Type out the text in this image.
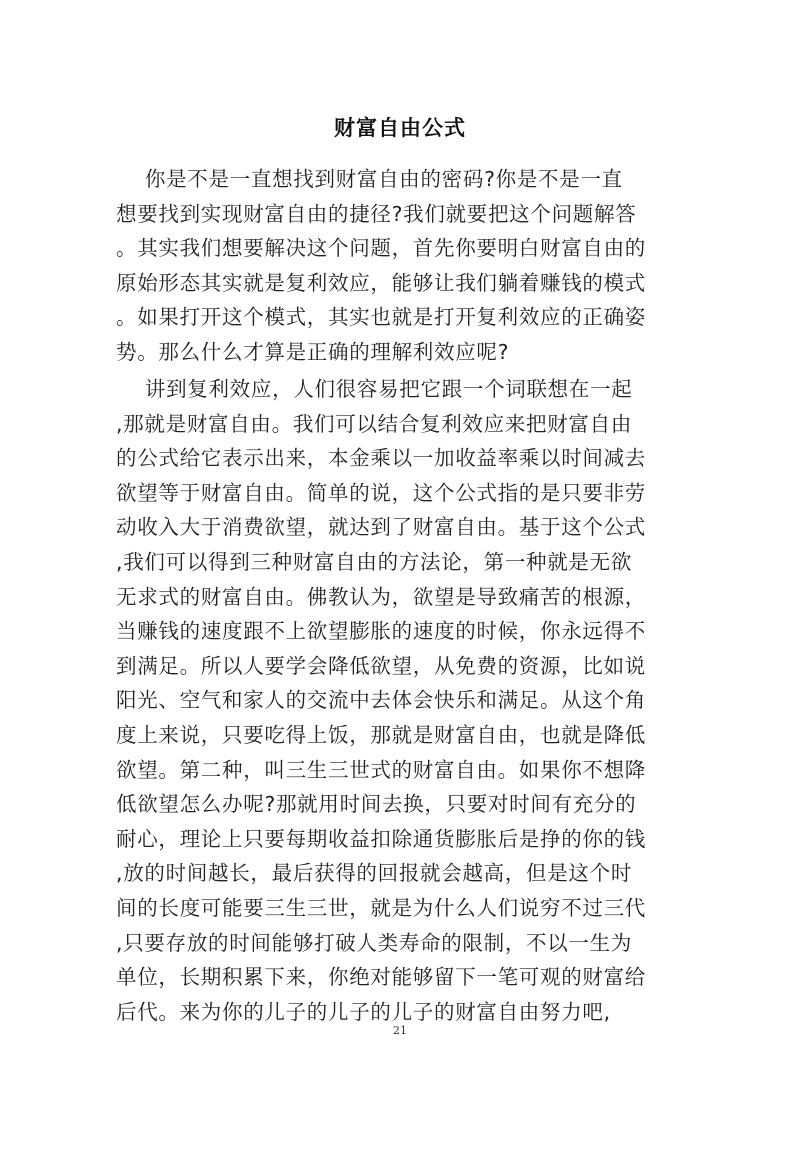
财富自由公式
你是不是一直想找到财富自由的密码?你是不是一直
想要找到实现财富自由的捷径?我们就要把这个问题解答
。其实我们想要解决这个问题，首先你要明白财富自由的
原始形态其实就是复利效应，能够让我们躺着赚钱的模式
。如果打开这个模式，其实也就是打开复利效应的正确姿
势。那么什么才算是正确的理解利效应呢?
讲到复利效应，人们很容易把它跟一个词联想在一起
,那就是财富自由。我们可以结合复利效应来把财富自由
的公式给它表示出来，本金乘以一加收益率乘以时间减去
欲望等于财富自由。简单的说，这个公式指的是只要非劳
动收入大于消费欲望，就达到了财富自由。基于这个公式
,我们可以得到三种财富自由的方法论，第一种就是无欲
无求式的财富自由。佛教认为，欲望是导致痛苦的根源，
当赚钱的速度跟不上欲望膨胀的速度的时候，你永远得不
到满足。所以人要学会降低欲望，从免费的资源，比如说
阳光、空气和家人的交流中去体会快乐和满足。从这个角
度上来说，只要吃得上饭，那就是财富自由，也就是降低
欲望。第二种，叫三生三世式的财富自由。如果你不想降
低欲望怎么办呢?那就用时间去换，只要对时间有充分的
耐心，理论上只要每期收益扣除通货膨胀后是挣的你的钱
,放的时间越长，最后获得的回报就会越高，但是这个时
间的长度可能要三生三世，就是为什么人们说穷不过三代
,只要存放的时间能够打破人类寿命的限制，不以一生为
单位，长期积累下来，你绝对能够留下一笔可观的财富给
后代。来为你的儿子的儿子的儿子的财富自由努力吧,
21
